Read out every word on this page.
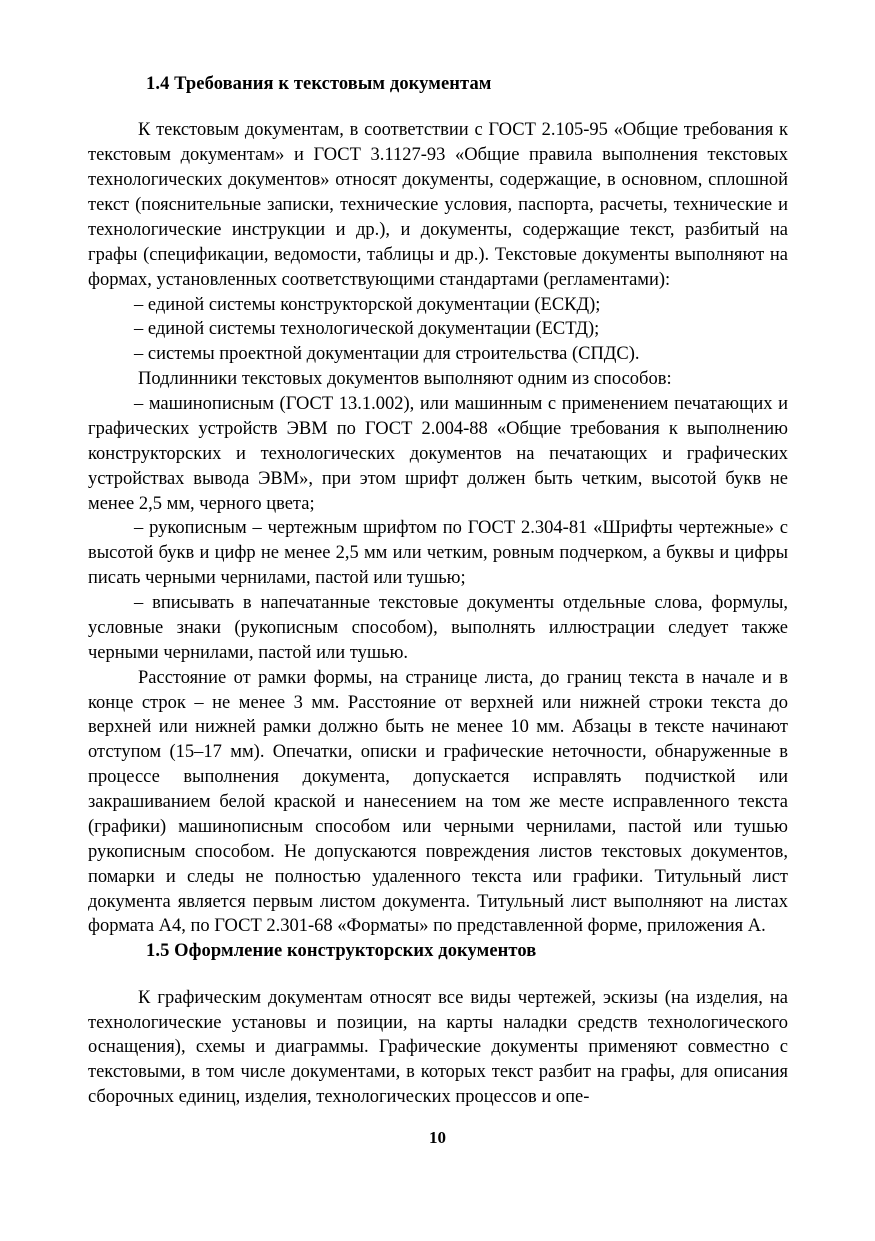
1.4 Требования к текстовым документам

К текстовым документам, в соответствии с ГОСТ 2.105-95 «Общие требования к текстовым документам» и ГОСТ 3.1127-93 «Общие правила выполнения текстовых технологических документов» относят документы, содержащие, в основном, сплошной текст (пояснительные записки, технические условия, паспорта, расчеты, технические и технологические инструкции и др.), и документы, содержащие текст, разбитый на графы (спецификации, ведомости, таблицы и др.). Текстовые документы выполняют на формах, установленных соответствующими стандартами (регламентами):

– единой системы конструкторской документации (ЕСКД);

– единой системы технологической документации (ЕСТД);

– системы проектной документации для строительства (СПДС).

Подлинники текстовых документов выполняют одним из способов:

– машинописным (ГОСТ 13.1.002), или машинным с применением печатающих и графических устройств ЭВМ по ГОСТ 2.004-88 «Общие требования к выполнению конструкторских и технологических документов на печатающих и графических устройствах вывода ЭВМ», при этом шрифт должен быть четким, высотой букв не менее 2,5 мм, черного цвета;

– рукописным – чертежным шрифтом по ГОСТ 2.304-81 «Шрифты чертежные» с высотой букв и цифр не менее 2,5 мм или четким, ровным подчерком, а буквы и цифры писать черными чернилами, пастой или тушью;

– вписывать в напечатанные текстовые документы отдельные слова, формулы, условные знаки (рукописным способом), выполнять иллюстрации следует также черными чернилами, пастой или тушью.

Расстояние от рамки формы, на странице листа, до границ текста в начале и в конце строк – не менее 3 мм. Расстояние от верхней или нижней строки текста до верхней или нижней рамки должно быть не менее 10 мм. Абзацы в тексте начинают отступом (15–17 мм). Опечатки, описки и графические неточности, обнаруженные в процессе выполнения документа, допускается исправлять подчисткой или закрашиванием белой краской и нанесением на том же месте исправленного текста (графики) машинописным способом или черными чернилами, пастой или тушью рукописным способом. Не допускаются повреждения листов текстовых документов, помарки и следы не полностью удаленного текста или графики. Титульный лист документа является первым листом документа. Титульный лист выполняют на листах формата А4, по ГОСТ 2.301-68 «Форматы» по представленной форме, приложения А.

1.5 Оформление конструкторских документов

К графическим документам относят все виды чертежей, эскизы (на изделия, на технологические установы и позиции, на карты наладки средств технологического оснащения), схемы и диаграммы. Графические документы применяют совместно с текстовыми, в том числе документами, в которых текст разбит на графы, для описания сборочных единиц, изделия, технологических процессов и опе-

10
